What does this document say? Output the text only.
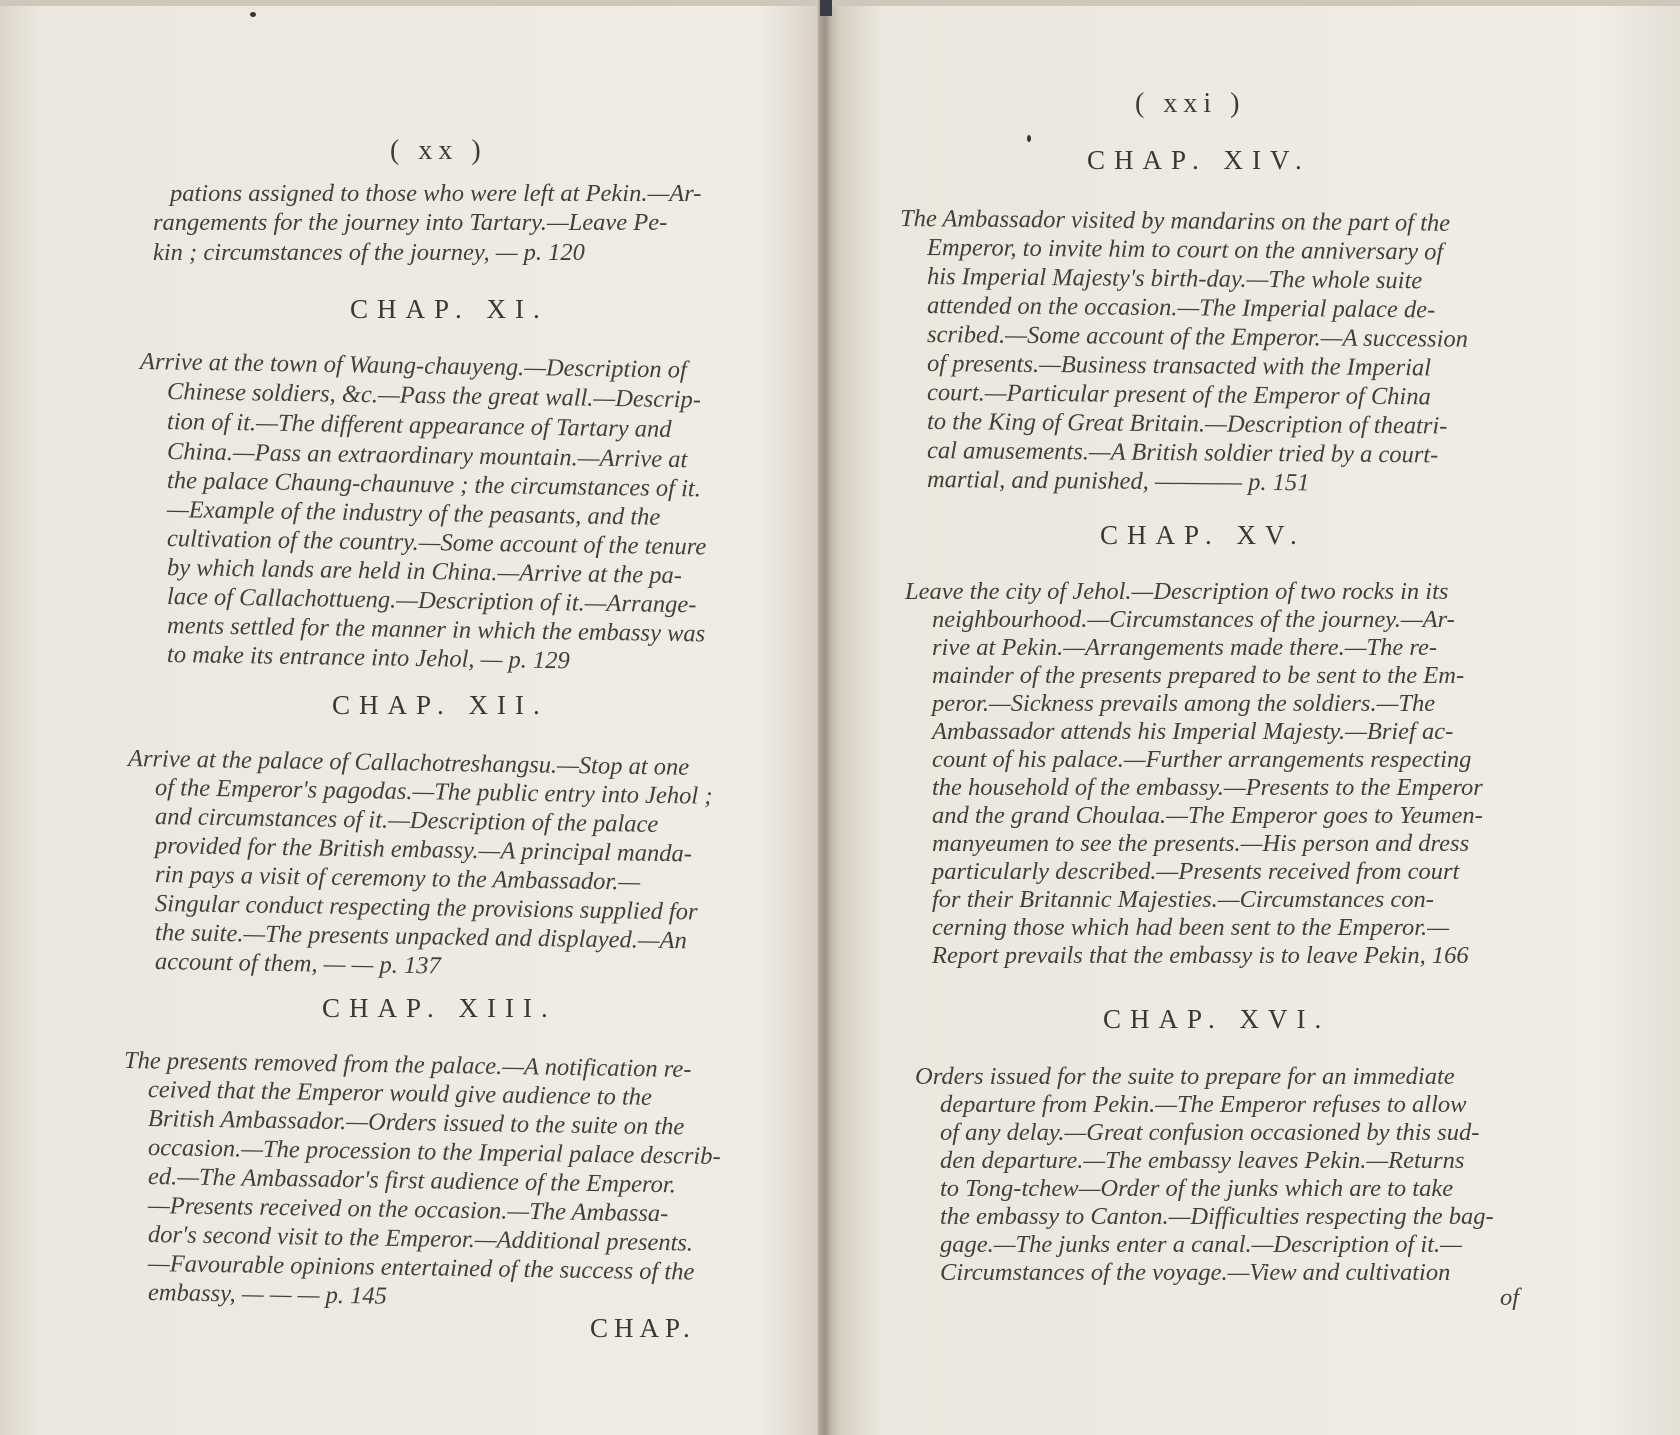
( xx )
pations assigned to those who were left at Pekin.—Ar-
rangements for the journey into Tartary.—Leave Pe-
kin ; circumstances of the journey, — p. 120
CHAP. XI.
Arrive at the town of Waung-chauyeng.—Description of
Chinese soldiers, &c.—Pass the great wall.—Descrip-
tion of it.—The different appearance of Tartary and
China.—Pass an extraordinary mountain.—Arrive at
the palace Chaung-chaunuve ; the circumstances of it.
—Example of the industry of the peasants, and the
cultivation of the country.—Some account of the tenure
by which lands are held in China.—Arrive at the pa-
lace of Callachottueng.—Description of it.—Arrange-
ments settled for the manner in which the embassy was
to make its entrance into Jehol, — p. 129
CHAP. XII.
Arrive at the palace of Callachotreshangsu.—Stop at one
of the Emperor's pagodas.—The public entry into Jehol ;
and circumstances of it.—Description of the palace
provided for the British embassy.—A principal manda-
rin pays a visit of ceremony to the Ambassador.—
Singular conduct respecting the provisions supplied for
the suite.—The presents unpacked and displayed.—An
account of them, — — p. 137
CHAP. XIII.
The presents removed from the palace.—A notification re-
ceived that the Emperor would give audience to the
British Ambassador.—Orders issued to the suite on the
occasion.—The procession to the Imperial palace describ-
ed.—The Ambassador's first audience of the Emperor.
—Presents received on the occasion.—The Ambassa-
dor's second visit to the Emperor.—Additional presents.
—Favourable opinions entertained of the success of the
embassy, — — — p. 145
CHAP.
( xxi )
CHAP. XIV.
The Ambassador visited by mandarins on the part of the
Emperor, to invite him to court on the anniversary of
his Imperial Majesty's birth-day.—The whole suite
attended on the occasion.—The Imperial palace de-
scribed.—Some account of the Emperor.—A succession
of presents.—Business transacted with the Imperial
court.—Particular present of the Emperor of China
to the King of Great Britain.—Description of theatri-
cal amusements.—A British soldier tried by a court-
martial, and punished, ———— p. 151
CHAP. XV.
Leave the city of Jehol.—Description of two rocks in its
neighbourhood.—Circumstances of the journey.—Ar-
rive at Pekin.—Arrangements made there.—The re-
mainder of the presents prepared to be sent to the Em-
peror.—Sickness prevails among the soldiers.—The
Ambassador attends his Imperial Majesty.—Brief ac-
count of his palace.—Further arrangements respecting
the household of the embassy.—Presents to the Emperor
and the grand Choulaa.—The Emperor goes to Yeumen-
manyeumen to see the presents.—His person and dress
particularly described.—Presents received from court
for their Britannic Majesties.—Circumstances con-
cerning those which had been sent to the Emperor.—
Report prevails that the embassy is to leave Pekin, 166
CHAP. XVI.
Orders issued for the suite to prepare for an immediate
departure from Pekin.—The Emperor refuses to allow
of any delay.—Great confusion occasioned by this sud-
den departure.—The embassy leaves Pekin.—Returns
to Tong-tchew—Order of the junks which are to take
the embassy to Canton.—Difficulties respecting the bag-
gage.—The junks enter a canal.—Description of it.—
Circumstances of the voyage.—View and cultivation
of
